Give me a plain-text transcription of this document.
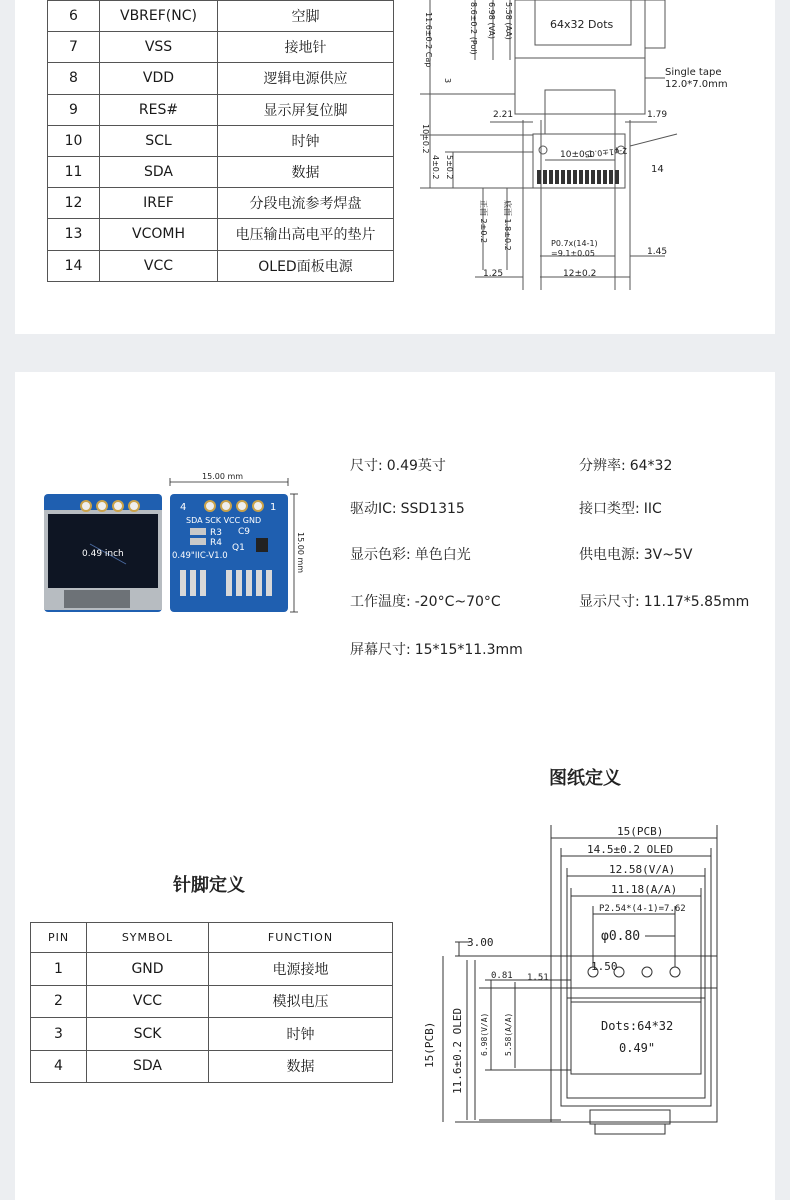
6	VBREF(NC)	空脚
7	VSS	接地针
8	VDD	逻辑电源供应
9	RES#	显示屏复位脚
10	SCL	时钟
11	SDA	数据
12	IREF	分段电流参考焊盘
13	VCOMH	电压输出高电平的垫片
14	VCC	OLED面板电源
64x32 Dots
Single tape
12.0*7.0mm
8.6±0.2 (Pol) 6.98 (VA) 5.58 (AA)
11.6±0.2 Cap
3
2.21	1.79
10±0.1
10±0.2
5±0.2
4±0.2
2-φ1±0.05
14
正面 2±0.2 底面 1.8±0.2	P0.7x(14-1)
=9.1±0.05	1.45
1.25	12±0.2
0.49 inch
4	1
SDA SCK VCC GND
R3
R4
C9
Q1
0.49"IIC-V1.0
15.00 mm
15.00 mm
尺寸: 0.49英寸	分辨率: 64*32
驱动IC: SSD1315	接口类型: IIC
显示色彩: 单色白光	供电电源: 3V~5V
工作温度: -20°C~70°C	显示尺寸: 11.17*5.85mm
屏幕尺寸: 15*15*11.3mm
图纸定义
针脚定义
PIN	SYMBOL	FUNCTION
1	GND	电源接地
2	VCC	模拟电压
3	SCK	时钟
4	SDA	数据
15(PCB)
14.5±0.2 OLED
12.58(V/A)
11.18(A/A)
P2.54*(4-1)=7.62
φ0.80
3.00
0.81 1.51
1.50
15(PCB) 11.6±0.2 OLED 6.98(V/A) 5.58(A/A)	Dots:64*32
0.49"
